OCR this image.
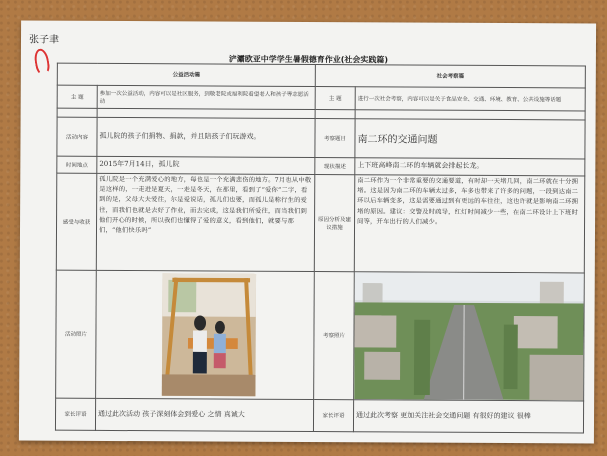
张子聿
浐灞欧亚中学学生暑假德育作业(社会实践篇)
公益活动篇		社会考察篇	
主 题	参加一次公益活动，内容可以是社区服务，到敬老院或福利院看望老人和孩子等志愿活动	主 题	进行一次社会考察，内容可以是关于食品安全、交通、环境、教育、公共设施等话题

活动内容	孤儿院的孩子们捐物、捐款，并且陪孩子们玩游戏。	考察题目	南二环的交通问题
时间地点	2015年7月14日，孤儿院	现状描述	上下班高峰南二环的车辆就会排起长龙。
感受与收获	孤儿院是一个充满爱心的地方，每也是一个充满悲伤的地方。7月也从中敬是这样的，一走进是夏天，一走是冬天，在那里，看到了“爱你”二字，看到的是，父母大夫爱往，尔是爱说话，孤儿们也要，而孤儿是称行生的爱往，而我们也就是去好了作业，而去完成，这是我们所爱往，而当我们到他们开心的时候，所以我们也懂得了爱的意义，看到他们，就要与那们，“他们快乐吗”	原因分析及建议措施	南二环作为一个非常重要的交通要道，有时却一天堵几回，南二环就在十分拥堵。这是因为南二环的车辆太过多，车多也带来了许多的问题，一段到达南二环以后车辆变多，这是需要通过到有更远的车往往，这也许就是影响南二环拥堵的原因。建议：交警及时疏导，红灯时间减少一些，在南二环设计上下班时间等，开车出行的人们减少。
活动照片		考察照片	

家长评语	通过此次活动 孩子深刻体会到爱心 之情 真诚大	家长评语	通过此次考察 更加关注社会交通问题 有很好的建议 很棒
